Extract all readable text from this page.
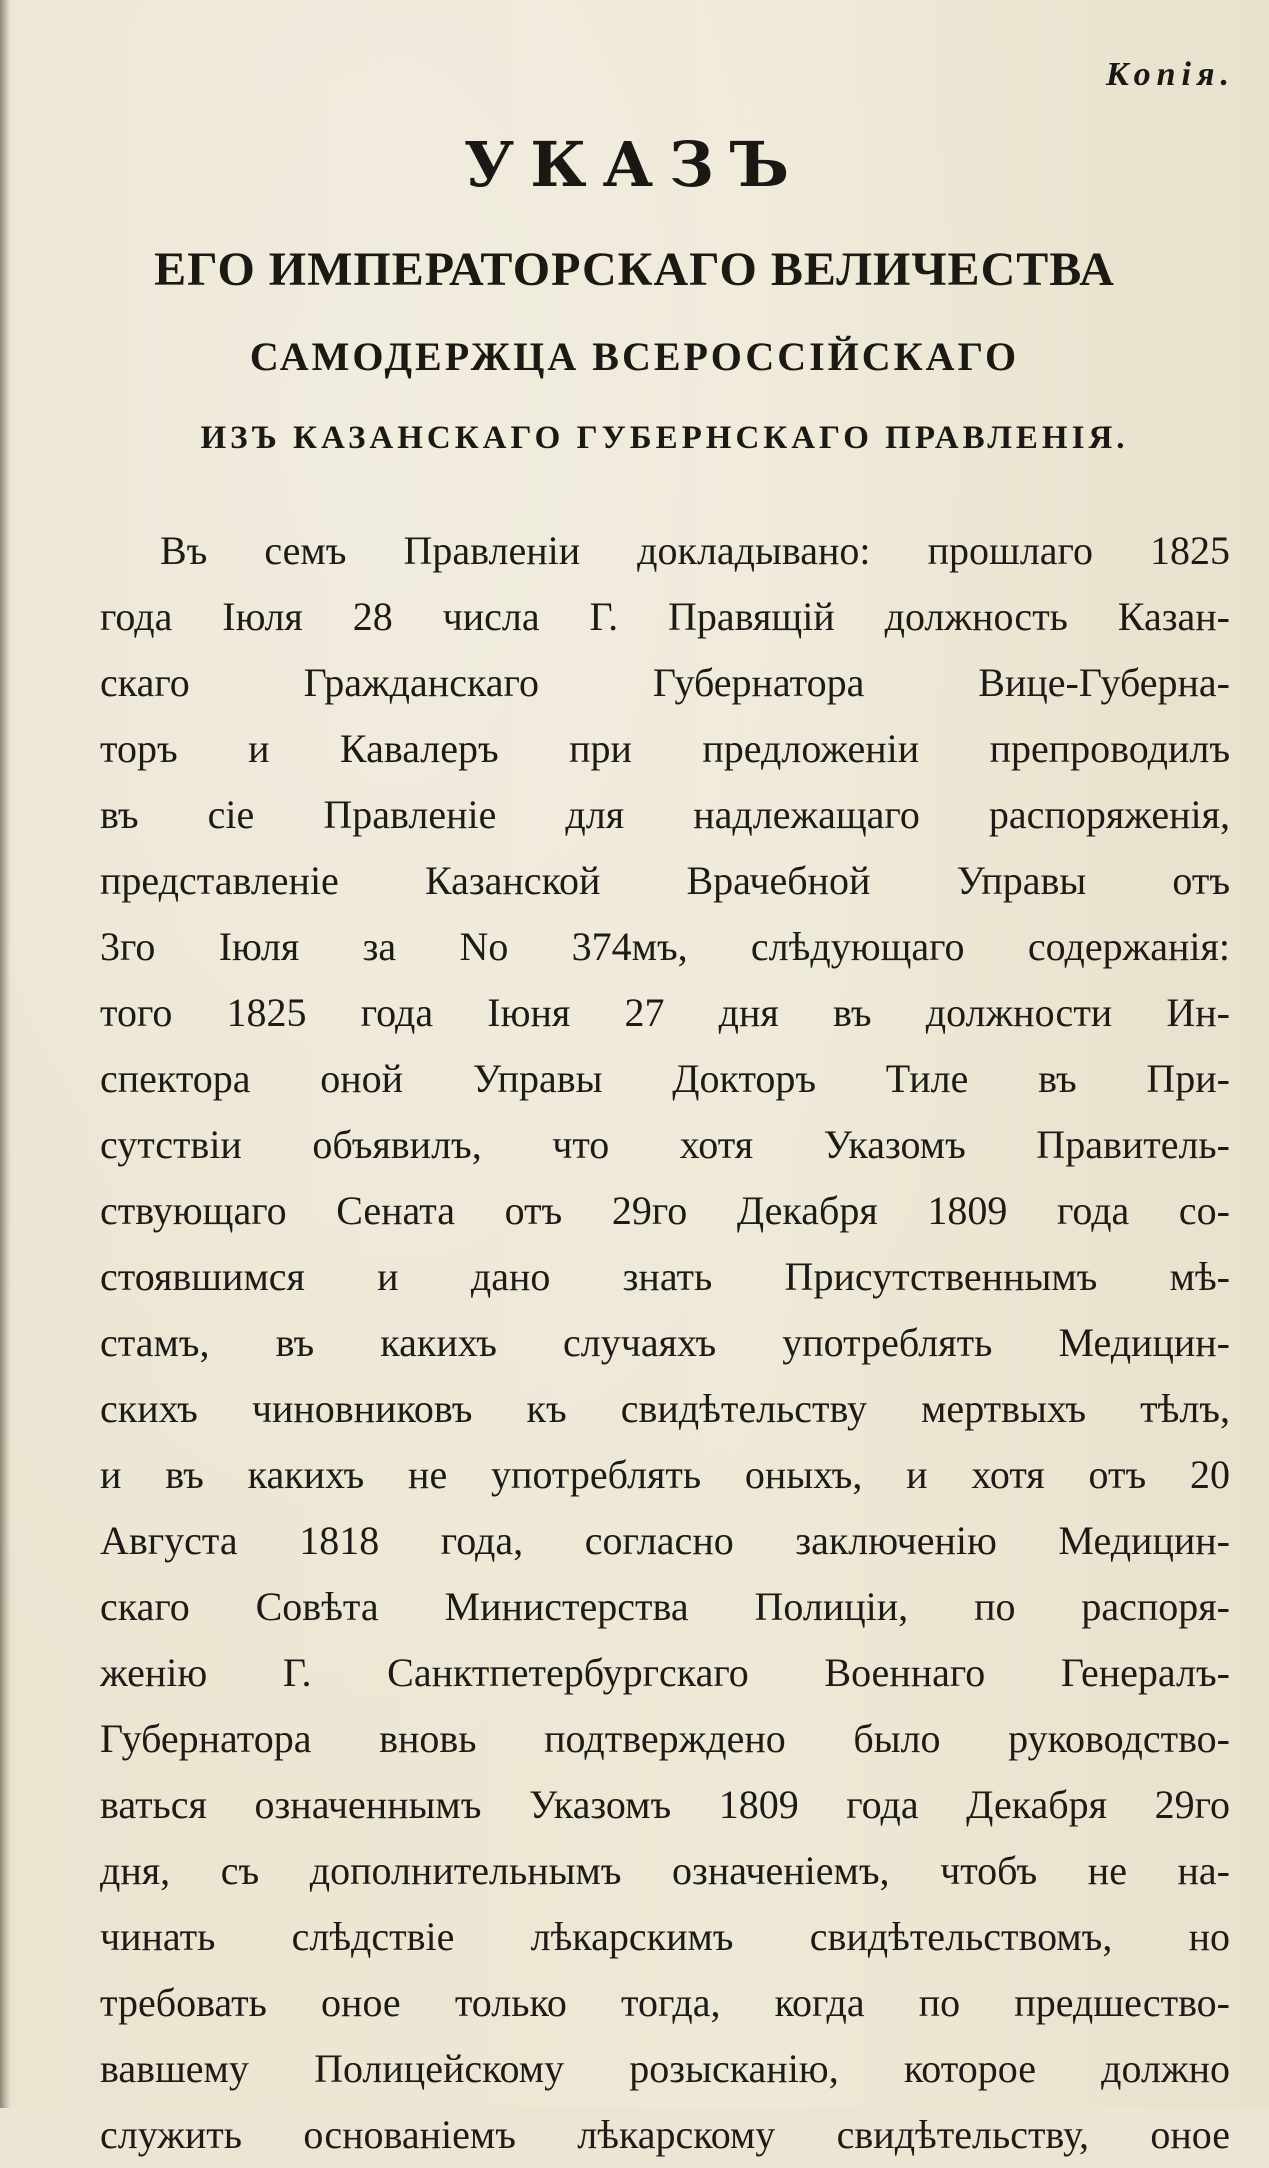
Копія.
УКАЗЪ
ЕГО ИМПЕРАТОРСКАГО ВЕЛИЧЕСТВА
САМОДЕРЖЦА ВСЕРОССІЙСКАГО
ИЗЪ КАЗАНСКАГО ГУБЕРНСКАГО ПРАВЛЕНІЯ.
Въ семъ Правленіи докладывано: прошлаго 1825
года Іюля 28 числа Г. Правящій должность Казан-
скаго Гражданскаго Губернатора Вице-Губерна-
торъ и Кавалеръ при предложеніи препроводилъ
въ сіе Правленіе для надлежащаго распоряженія,
представленіе Казанской Врачебной Управы отъ
3го Іюля за No 374мъ, слѣдующаго содержанія:
того 1825 года Іюня 27 дня въ должности Ин-
спектора оной Управы Докторъ Тиле въ При-
сутствіи объявилъ, что хотя Указомъ Правитель-
ствующаго Сената отъ 29го Декабря 1809 года со-
стоявшимся и дано знать Присутственнымъ мѣ-
стамъ, въ какихъ случаяхъ употреблять Медицин-
скихъ чиновниковъ къ свидѣтельству мертвыхъ тѣлъ,
и въ какихъ не употреблять оныхъ, и хотя отъ 20
Августа 1818 года, согласно заключенію Медицин-
скаго Совѣта Министерства Полиціи, по распоря-
женію Г. Санктпетербургскаго Военнаго Генералъ-
Губернатора вновь подтверждено было руководство-
ваться означеннымъ Указомъ 1809 года Декабря 29го
дня, съ дополнительнымъ означеніемъ, чтобъ не на-
чинать слѣдствіе лѣкарскимъ свидѣтельствомъ, но
требовать оное только тогда, когда по предшество-
вавшему Полицейскому розысканію, которое должно
служить основаніемъ лѣкарскому свидѣтельству, оное
